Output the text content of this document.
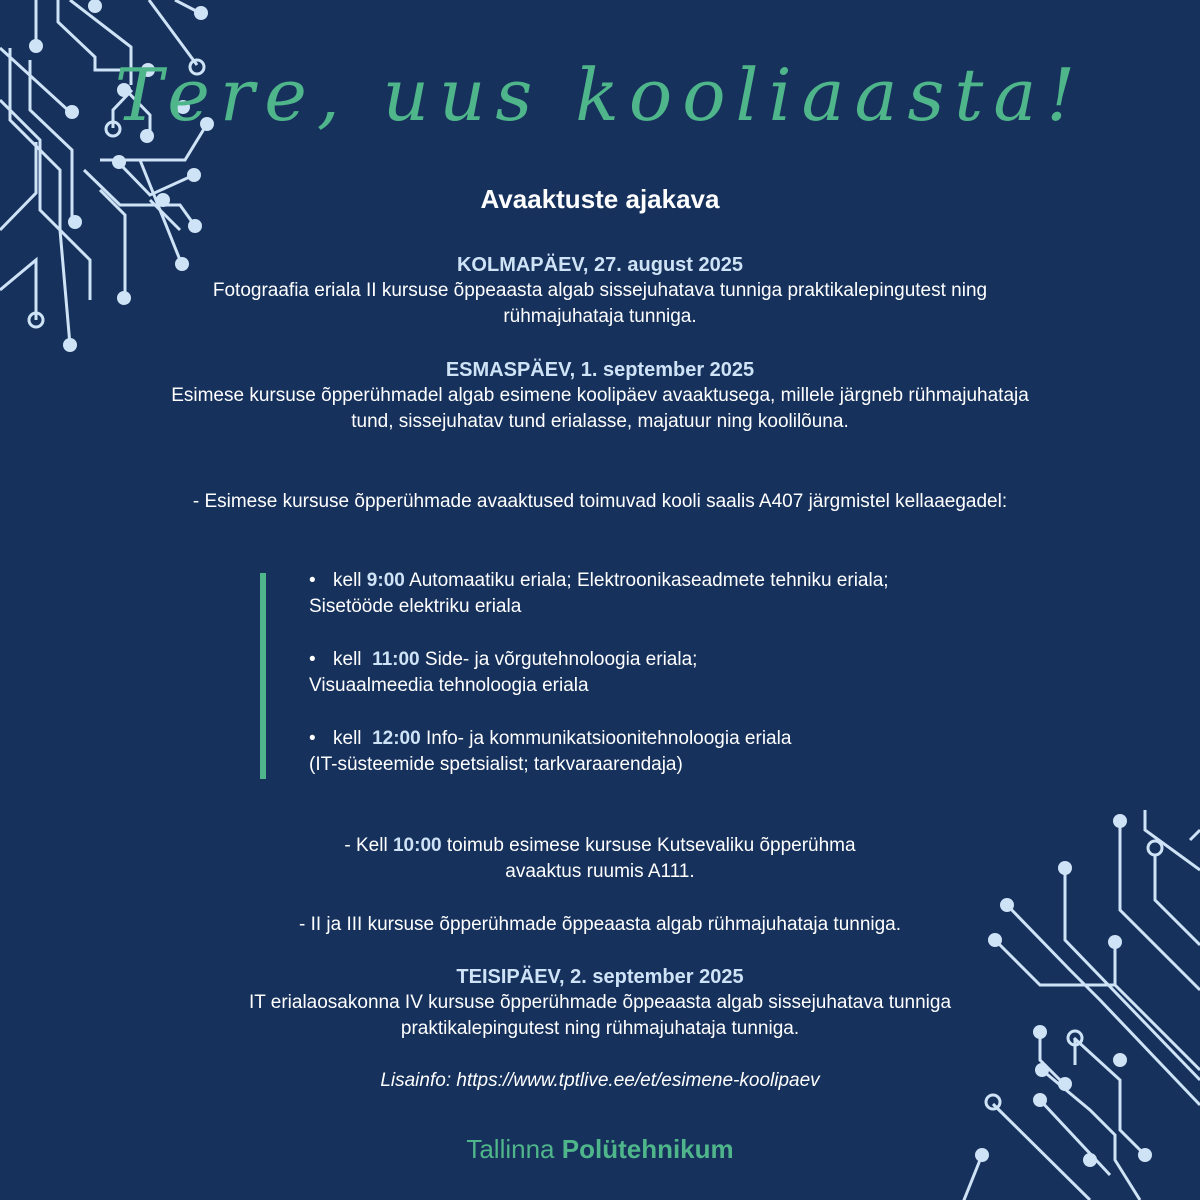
Tere, uus kooliaasta!
Avaaktuste ajakava
KOLMAPÄEV, 27. august 2025
Fotograafia eriala II kursuse õppeaasta algab sissejuhatava tunniga praktikalepingutest ning
rühmajuhataja tunniga.
ESMASPÄEV, 1. september 2025
Esimese kursuse õpperühmadel algab esimene koolipäev avaaktusega, millele järgneb rühmajuhataja
tund, sissejuhatav tund erialasse, majatuur ning koolilõuna.
- Esimese kursuse õpperühmade avaaktused toimuvad kooli saalis A407 järgmistel kellaaegadel:
• kell 9:00 Automaatiku eriala; Elektroonikaseadmete tehniku eriala;
Sisetööde elektriku eriala
• kell 11:00 Side- ja võrgutehnoloogia eriala;
Visuaalmeedia tehnoloogia eriala
• kell 12:00 Info- ja kommunikatsioonitehnoloogia eriala
(IT-süsteemide spetsialist; tarkvaraarendaja)
- Kell 10:00 toimub esimese kursuse Kutsevaliku õpperühma
avaaktus ruumis A111.
- II ja III kursuse õpperühmade õppeaasta algab rühmajuhataja tunniga.
TEISIPÄEV, 2. september 2025
IT erialaosakonna IV kursuse õpperühmade õppeaasta algab sissejuhatava tunniga
praktikalepingutest ning rühmajuhataja tunniga.
Lisainfo: https://www.tptlive.ee/et/esimene-koolipaev
Tallinna Polütehnikum
